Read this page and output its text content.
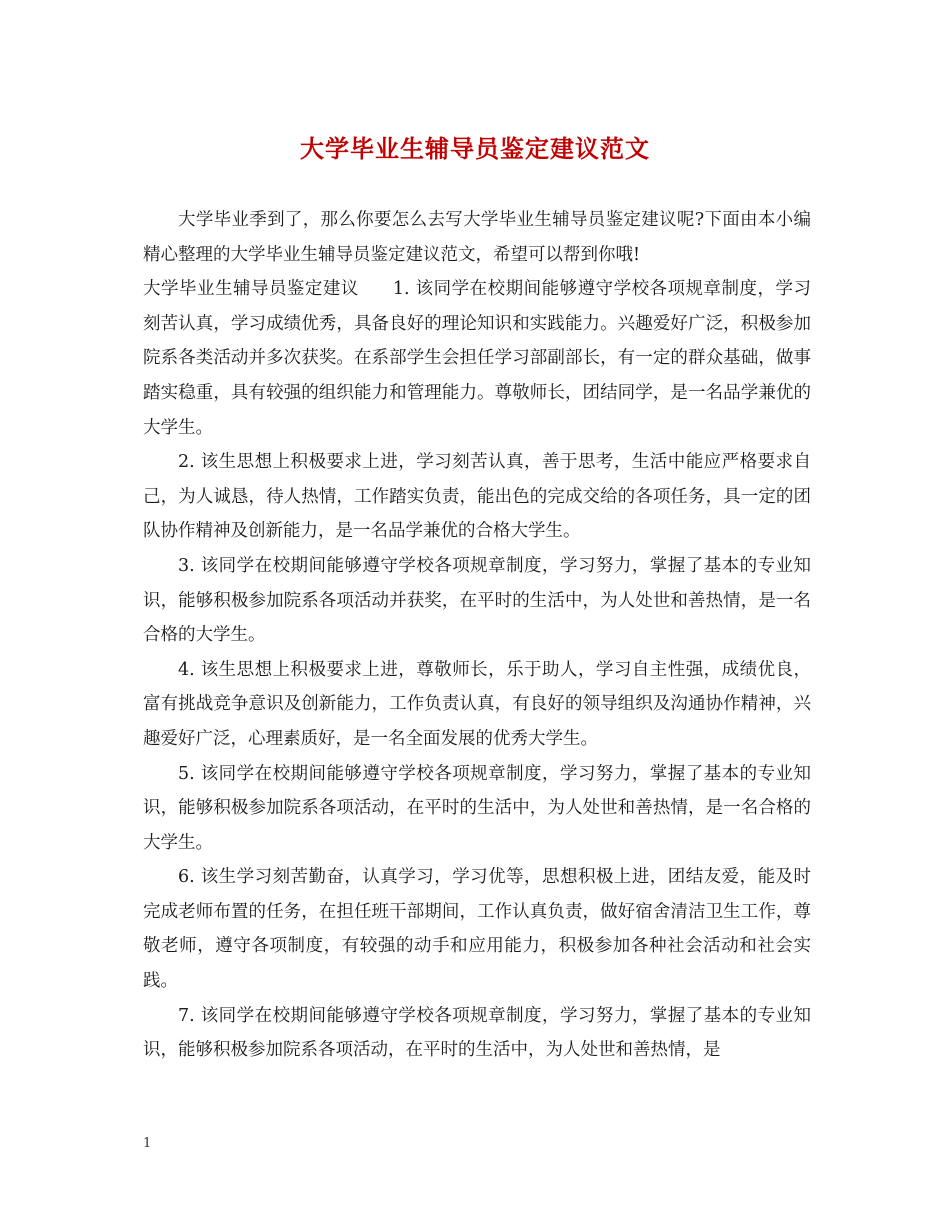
大学毕业生辅导员鉴定建议范文

大学毕业季到了，那么你要怎么去写大学毕业生辅导员鉴定建议呢?下面由本小编精心整理的大学毕业生辅导员鉴定建议范文，希望可以帮到你哦!

大学毕业生辅导员鉴定建议 1. 该同学在校期间能够遵守学校各项规章制度，学习刻苦认真，学习成绩优秀，具备良好的理论知识和实践能力。兴趣爱好广泛，积极参加院系各类活动并多次获奖。在系部学生会担任学习部副部长，有一定的群众基础，做事踏实稳重，具有较强的组织能力和管理能力。尊敬师长，团结同学，是一名品学兼优的大学生。

2. 该生思想上积极要求上进，学习刻苦认真，善于思考，生活中能应严格要求自己，为人诚恳，待人热情，工作踏实负责，能出色的完成交给的各项任务，具一定的团队协作精神及创新能力，是一名品学兼优的合格大学生。

3. 该同学在校期间能够遵守学校各项规章制度，学习努力，掌握了基本的专业知识，能够积极参加院系各项活动并获奖，在平时的生活中，为人处世和善热情，是一名合格的大学生。

4. 该生思想上积极要求上进，尊敬师长，乐于助人，学习自主性强，成绩优良，富有挑战竞争意识及创新能力，工作负责认真，有良好的领导组织及沟通协作精神，兴趣爱好广泛，心理素质好，是一名全面发展的优秀大学生。

5. 该同学在校期间能够遵守学校各项规章制度，学习努力，掌握了基本的专业知识，能够积极参加院系各项活动，在平时的生活中，为人处世和善热情，是一名合格的大学生。

6. 该生学习刻苦勤奋，认真学习，学习优等，思想积极上进，团结友爱，能及时完成老师布置的任务，在担任班干部期间，工作认真负责，做好宿舍清洁卫生工作，尊敬老师，遵守各项制度，有较强的动手和应用能力，积极参加各种社会活动和社会实践。

7. 该同学在校期间能够遵守学校各项规章制度，学习努力，掌握了基本的专业知识，能够积极参加院系各项活动，在平时的生活中，为人处世和善热情，是

1
